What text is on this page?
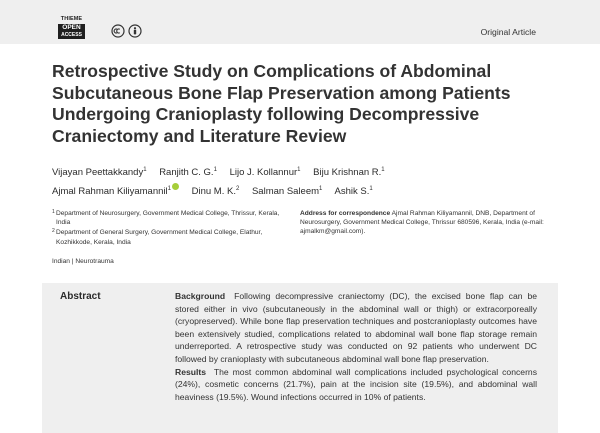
THIEME
OPEN
ACCESS	Original Article
Retrospective Study on Complications of Abdominal Subcutaneous Bone Flap Preservation among Patients Undergoing Cranioplasty following Decompressive Craniectomy and Literature Review
Vijayan Peettakkandy$^1$ Ranjith C. G.$^1$ Lijo J. Kollannur$^1$ Biju Krishnan R.$^1$
Ajmal Rahman Kiliyamannil$^1$ Dinu M. K.$^2$ Salman Saleem$^1$ Ashik S.$^1$
1 Department of Neurosurgery, Government Medical College, Thrissur, Kerala, India
2 Department of General Surgery, Government Medical College, Elathur, Kozhikkode, Kerala, India
Address for correspondence Ajmal Rahman Kiliyamannil, DNB, Department of Neurosurgery, Government Medical College, Thrissur 680596, Kerala, India (e-mail: ajmalkm@gmail.com).
Indian | Neurotrauma
Abstract	Background Following decompressive craniectomy (DC), the excised bone flap can be stored either in vivo (subcutaneously in the abdominal wall or thigh) or extracorporeally (cryopreserved). While bone flap preservation techniques and postcranioplasty outcomes have been extensively studied, complications related to abdominal wall bone flap storage remain underreported. A retrospective study was conducted on 92 patients who underwent DC followed by cranioplasty with subcutaneous abdominal wall bone flap preservation.

Results The most common abdominal wall complications included psychological concerns (24%), cosmetic concerns (21.7%), pain at the incision site (19.5%), and abdominal wall heaviness (19.5%). Wound infections occurred in 10% of patients.
